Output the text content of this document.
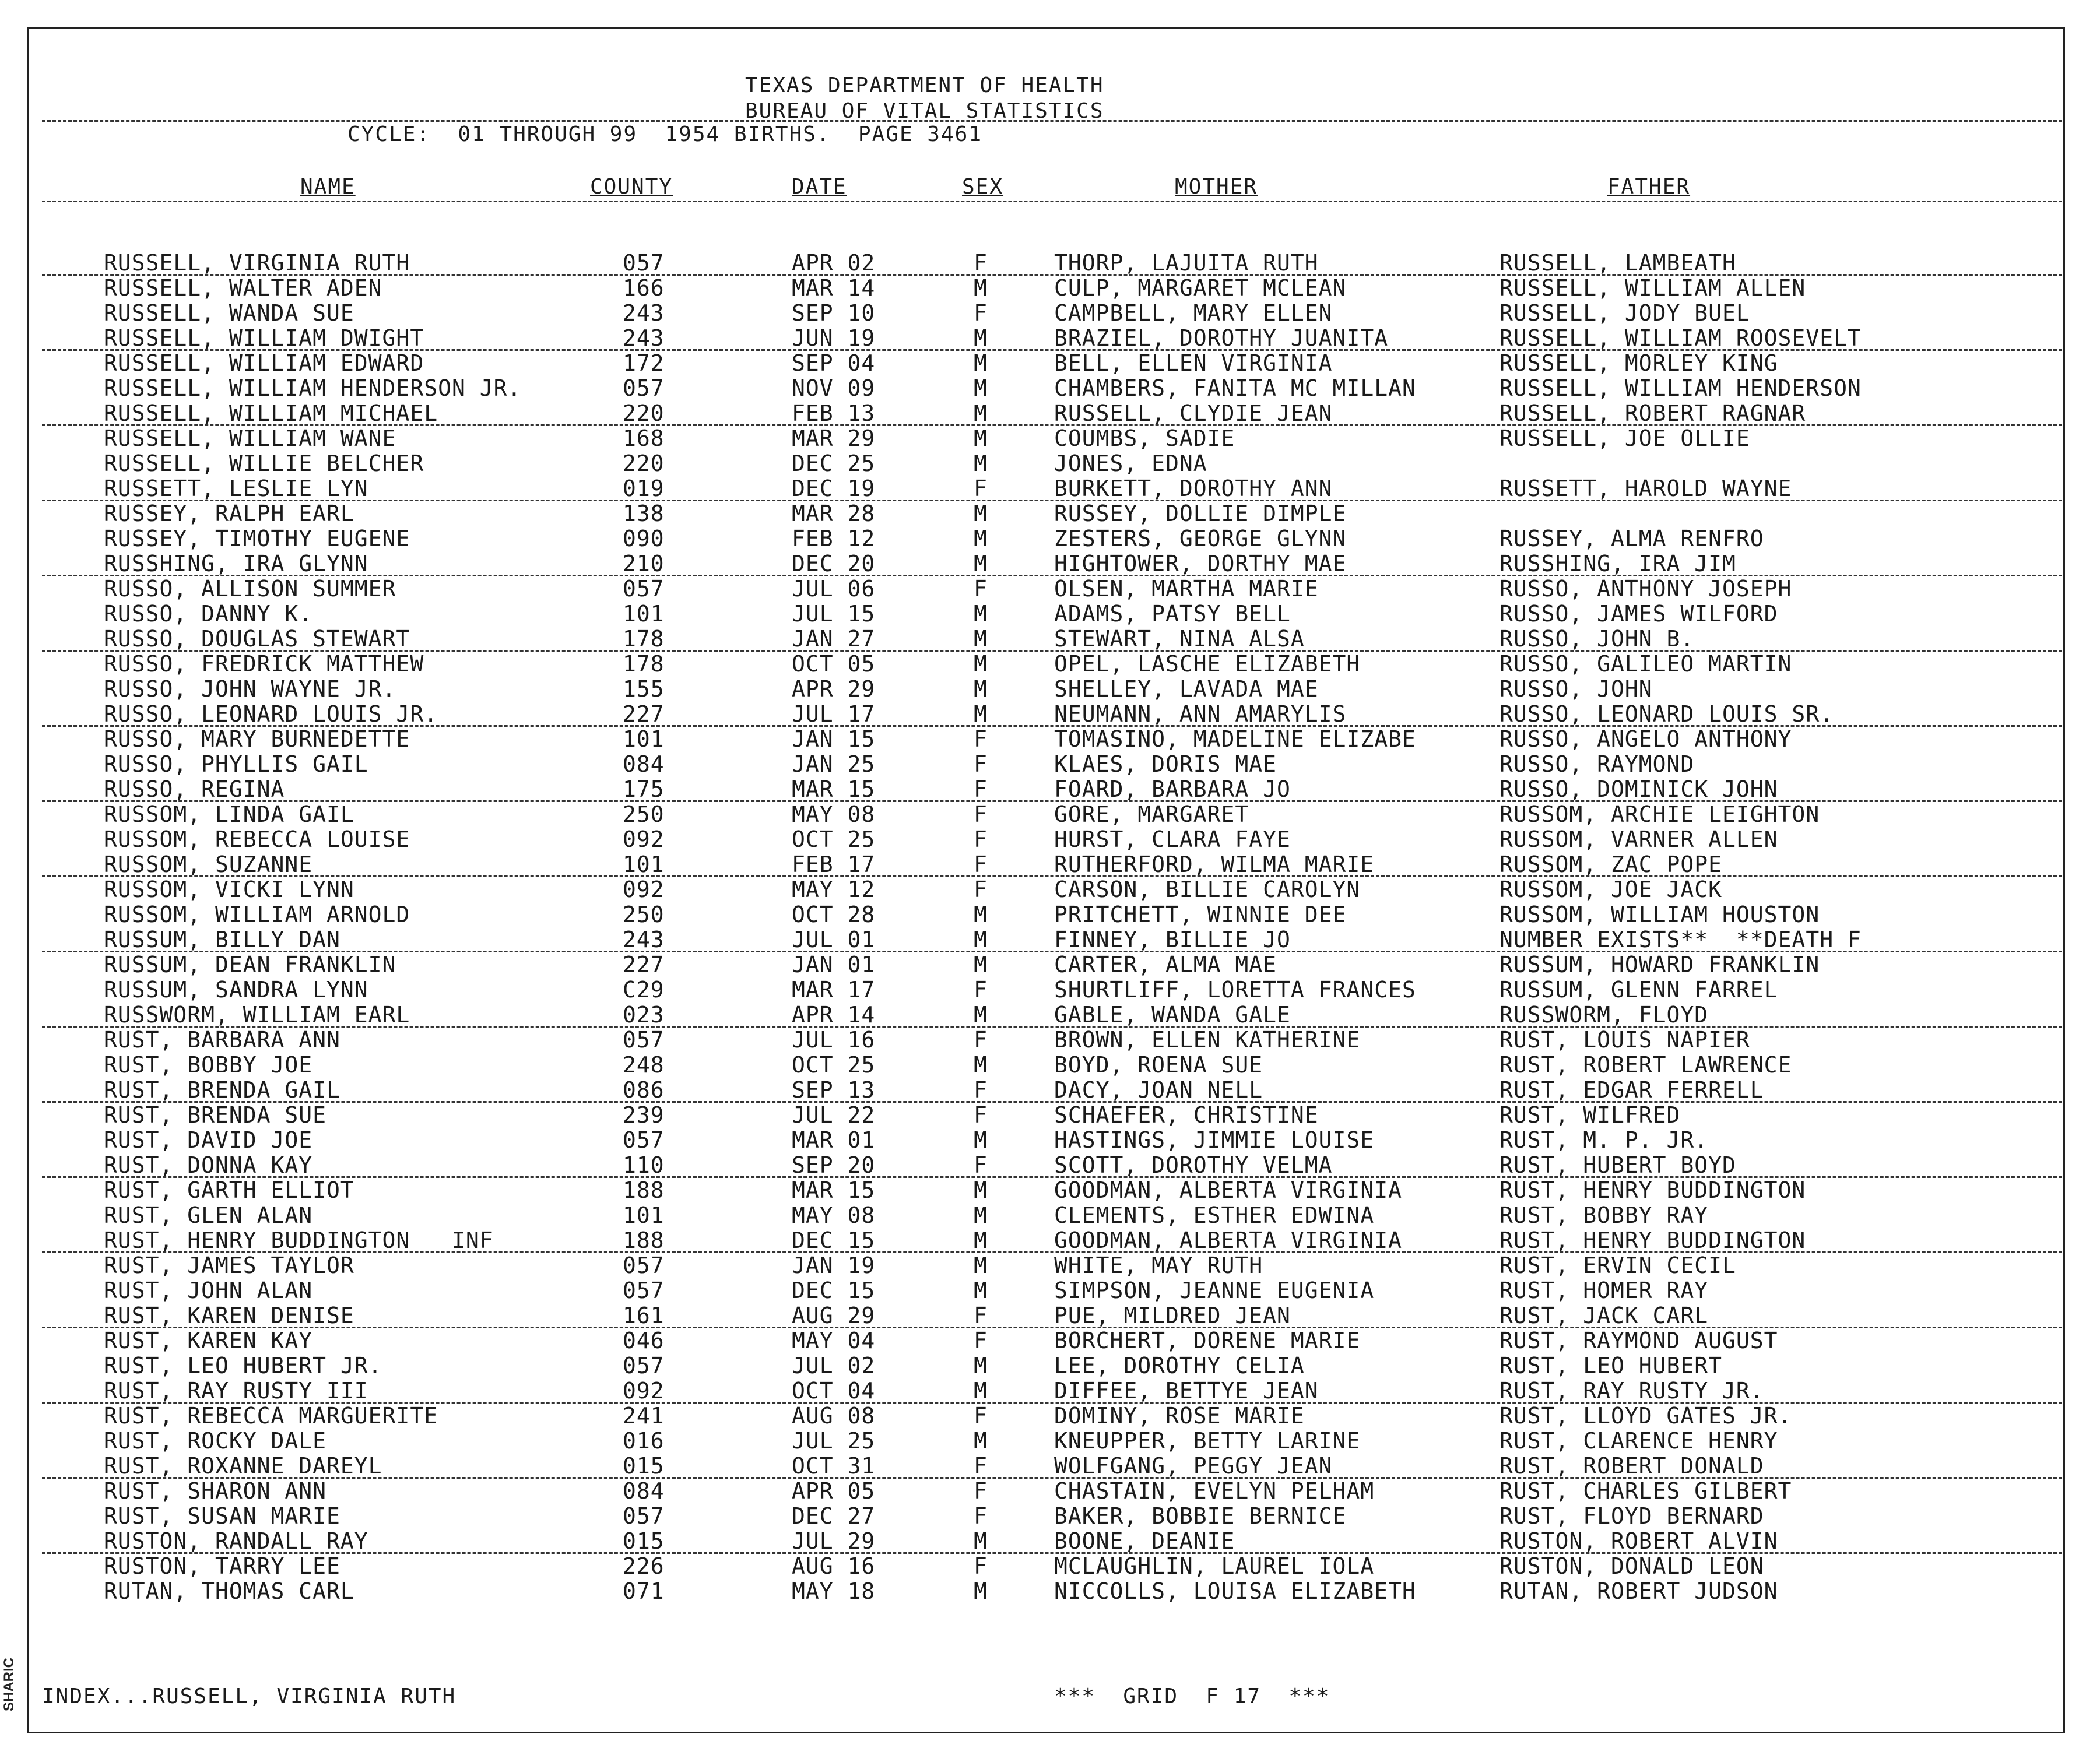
SHARIC
TEXAS DEPARTMENT OF HEALTH
BUREAU OF VITAL STATISTICS
CYCLE:  01 THROUGH 99  1954 BIRTHS.  PAGE 3461
NAME	COUNTY	DATE	SEX	MOTHER	FATHER
RUSSELL, VIRGINIA RUTH	057	APR 02	F	THORP, LAJUITA RUTH	RUSSELL, LAMBEATH
RUSSELL, WALTER ADEN	166	MAR 14	M	CULP, MARGARET MCLEAN	RUSSELL, WILLIAM ALLEN
RUSSELL, WANDA SUE	243	SEP 10	F	CAMPBELL, MARY ELLEN	RUSSELL, JODY BUEL
RUSSELL, WILLIAM DWIGHT	243	JUN 19	M	BRAZIEL, DOROTHY JUANITA	RUSSELL, WILLIAM ROOSEVELT
RUSSELL, WILLIAM EDWARD	172	SEP 04	M	BELL, ELLEN VIRGINIA	RUSSELL, MORLEY KING
RUSSELL, WILLIAM HENDERSON JR.	057	NOV 09	M	CHAMBERS, FANITA MC MILLAN	RUSSELL, WILLIAM HENDERSON
RUSSELL, WILLIAM MICHAEL	220	FEB 13	M	RUSSELL, CLYDIE JEAN	RUSSELL, ROBERT RAGNAR
RUSSELL, WILLIAM WANE	168	MAR 29	M	COUMBS, SADIE	RUSSELL, JOE OLLIE
RUSSELL, WILLIE BELCHER	220	DEC 25	M	JONES, EDNA
RUSSETT, LESLIE LYN	019	DEC 19	F	BURKETT, DOROTHY ANN	RUSSETT, HAROLD WAYNE
RUSSEY, RALPH EARL	138	MAR 28	M	RUSSEY, DOLLIE DIMPLE
RUSSEY, TIMOTHY EUGENE	090	FEB 12	M	ZESTERS, GEORGE GLYNN	RUSSEY, ALMA RENFRO
RUSSHING, IRA GLYNN	210	DEC 20	M	HIGHTOWER, DORTHY MAE	RUSSHING, IRA JIM
RUSSO, ALLISON SUMMER	057	JUL 06	F	OLSEN, MARTHA MARIE	RUSSO, ANTHONY JOSEPH
RUSSO, DANNY K.	101	JUL 15	M	ADAMS, PATSY BELL	RUSSO, JAMES WILFORD
RUSSO, DOUGLAS STEWART	178	JAN 27	M	STEWART, NINA ALSA	RUSSO, JOHN B.
RUSSO, FREDRICK MATTHEW	178	OCT 05	M	OPEL, LASCHE ELIZABETH	RUSSO, GALILEO MARTIN
RUSSO, JOHN WAYNE JR.	155	APR 29	M	SHELLEY, LAVADA MAE	RUSSO, JOHN
RUSSO, LEONARD LOUIS JR.	227	JUL 17	M	NEUMANN, ANN AMARYLIS	RUSSO, LEONARD LOUIS SR.
RUSSO, MARY BURNEDETTE	101	JAN 15	F	TOMASINO, MADELINE ELIZABE	RUSSO, ANGELO ANTHONY
RUSSO, PHYLLIS GAIL	084	JAN 25	F	KLAES, DORIS MAE	RUSSO, RAYMOND
RUSSO, REGINA	175	MAR 15	F	FOARD, BARBARA JO	RUSSO, DOMINICK JOHN
RUSSOM, LINDA GAIL	250	MAY 08	F	GORE, MARGARET	RUSSOM, ARCHIE LEIGHTON
RUSSOM, REBECCA LOUISE	092	OCT 25	F	HURST, CLARA FAYE	RUSSOM, VARNER ALLEN
RUSSOM, SUZANNE	101	FEB 17	F	RUTHERFORD, WILMA MARIE	RUSSOM, ZAC POPE
RUSSOM, VICKI LYNN	092	MAY 12	F	CARSON, BILLIE CAROLYN	RUSSOM, JOE JACK
RUSSOM, WILLIAM ARNOLD	250	OCT 28	M	PRITCHETT, WINNIE DEE	RUSSOM, WILLIAM HOUSTON
RUSSUM, BILLY DAN	243	JUL 01	M	FINNEY, BILLIE JO	NUMBER EXISTS**  **DEATH F
RUSSUM, DEAN FRANKLIN	227	JAN 01	M	CARTER, ALMA MAE	RUSSUM, HOWARD FRANKLIN
RUSSUM, SANDRA LYNN	C29	MAR 17	F	SHURTLIFF, LORETTA FRANCES	RUSSUM, GLENN FARREL
RUSSWORM, WILLIAM EARL	023	APR 14	M	GABLE, WANDA GALE	RUSSWORM, FLOYD
RUST, BARBARA ANN	057	JUL 16	F	BROWN, ELLEN KATHERINE	RUST, LOUIS NAPIER
RUST, BOBBY JOE	248	OCT 25	M	BOYD, ROENA SUE	RUST, ROBERT LAWRENCE
RUST, BRENDA GAIL	086	SEP 13	F	DACY, JOAN NELL	RUST, EDGAR FERRELL
RUST, BRENDA SUE	239	JUL 22	F	SCHAEFER, CHRISTINE	RUST, WILFRED
RUST, DAVID JOE	057	MAR 01	M	HASTINGS, JIMMIE LOUISE	RUST, M. P. JR.
RUST, DONNA KAY	110	SEP 20	F	SCOTT, DOROTHY VELMA	RUST, HUBERT BOYD
RUST, GARTH ELLIOT	188	MAR 15	M	GOODMAN, ALBERTA VIRGINIA	RUST, HENRY BUDDINGTON
RUST, GLEN ALAN	101	MAY 08	M	CLEMENTS, ESTHER EDWINA	RUST, BOBBY RAY
RUST, HENRY BUDDINGTON   INF	188	DEC 15	M	GOODMAN, ALBERTA VIRGINIA	RUST, HENRY BUDDINGTON
RUST, JAMES TAYLOR	057	JAN 19	M	WHITE, MAY RUTH	RUST, ERVIN CECIL
RUST, JOHN ALAN	057	DEC 15	M	SIMPSON, JEANNE EUGENIA	RUST, HOMER RAY
RUST, KAREN DENISE	161	AUG 29	F	PUE, MILDRED JEAN	RUST, JACK CARL
RUST, KAREN KAY	046	MAY 04	F	BORCHERT, DORENE MARIE	RUST, RAYMOND AUGUST
RUST, LEO HUBERT JR.	057	JUL 02	M	LEE, DOROTHY CELIA	RUST, LEO HUBERT
RUST, RAY RUSTY III	092	OCT 04	M	DIFFEE, BETTYE JEAN	RUST, RAY RUSTY JR.
RUST, REBECCA MARGUERITE	241	AUG 08	F	DOMINY, ROSE MARIE	RUST, LLOYD GATES JR.
RUST, ROCKY DALE	016	JUL 25	M	KNEUPPER, BETTY LARINE	RUST, CLARENCE HENRY
RUST, ROXANNE DAREYL	015	OCT 31	F	WOLFGANG, PEGGY JEAN	RUST, ROBERT DONALD
RUST, SHARON ANN	084	APR 05	F	CHASTAIN, EVELYN PELHAM	RUST, CHARLES GILBERT
RUST, SUSAN MARIE	057	DEC 27	F	BAKER, BOBBIE BERNICE	RUST, FLOYD BERNARD
RUSTON, RANDALL RAY	015	JUL 29	M	BOONE, DEANIE	RUSTON, ROBERT ALVIN
RUSTON, TARRY LEE	226	AUG 16	F	MCLAUGHLIN, LAUREL IOLA	RUSTON, DONALD LEON
RUTAN, THOMAS CARL	071	MAY 18	M	NICCOLLS, LOUISA ELIZABETH	RUTAN, ROBERT JUDSON
INDEX...RUSSELL, VIRGINIA RUTH	***  GRID  F 17  ***
